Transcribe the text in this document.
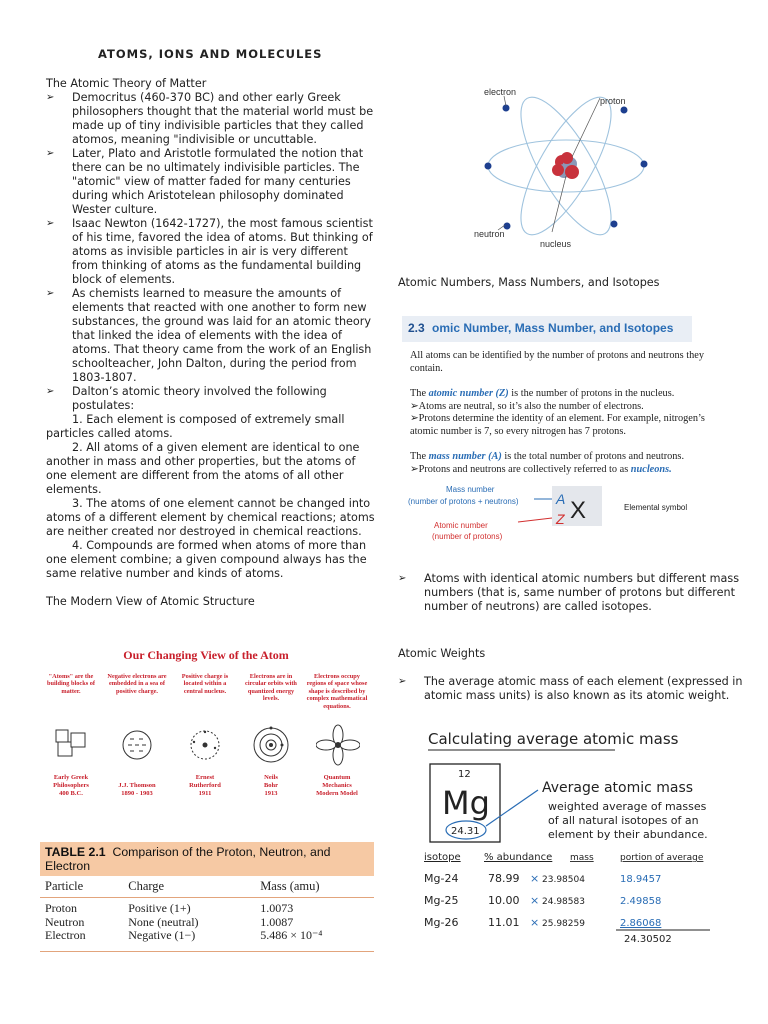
ATOMS, IONS AND MOLECULES

The Atomic Theory of Matter

➢ Democritus (460-370 BC) and other early Greek philosophers thought that the material world must be made up of tiny indivisible particles that they called atomos, meaning "indivisible or uncuttable.

➢ Later, Plato and Aristotle formulated the notion that there can be no ultimately indivisible particles. The "atomic" view of matter faded for many centuries during which Aristotelean philosophy dominated Wester culture.

➢ Isaac Newton (1642-1727), the most famous scientist of his time, favored the idea of atoms. But thinking of atoms as invisible particles in air is very different from thinking of atoms as the fundamental building block of elements.

➢ As chemists learned to measure the amounts of elements that reacted with one another to form new substances, the ground was laid for an atomic theory that linked the idea of elements with the idea of atoms. That theory came from the work of an English schoolteacher, John Dalton, during the period from 1803-1807.

➢ Dalton’s atomic theory involved the following postulates:

1. Each element is composed of extremely small particles called atoms.

2. All atoms of a given element are identical to one another in mass and other properties, but the atoms of one element are different from the atoms of all other elements.

3. The atoms of one element cannot be changed into atoms of a different element by chemical reactions; atoms are neither created nor destroyed in chemical reactions.

4. Compounds are formed when atoms of more than one element combine; a given compound always has the same relative number and kinds of atoms.

The Modern View of Atomic Structure

Our Changing View of the Atom
"Atoms" are the building blocks of matter.
Negative electrons are embedded in a sea of positive charge.
Positive charge is located within a central nucleus.
Electrons are in circular orbits with quantized energy levels.
Electrons occupy regions of space whose shape is described by complex mathematical equations.
Early Greek
Philosophers
400 B.C.

J.J. Thomson
1890 - 1903
Ernest
Rutherford
1911
Neils
Bohr
1913
Quantum
Mechanics
Modern Model
TABLE 2.1 Comparison of the Proton, Neutron, and Electron
Particle	Charge	Mass (amu)

Proton	Positive (1+)	1.0073
Neutron	None (neutral)	1.0087
Electron	Negative (1−)	5.486 × 10⁻⁴

electron
proton
neutron
nucleus
Atomic Numbers, Mass Numbers, and Isotopes
2.3 omic Number, Mass Number, and Isotopes
All atoms can be identified by the number of protons and neutrons they contain.
The atomic number (Z) is the number of protons in the nucleus.
➢Atoms are neutral, so it’s also the number of electrons.
➢Protons determine the identity of an element. For example, nitrogen’s atomic number is 7, so every nitrogen has 7 protons.
The mass number (A) is the total number of protons and neutrons.
➢Protons and neutrons are collectively referred to as nucleons.
Mass number
(number of protons + neutrons)
Atomic number
(number of protons)
A
Z X	Elemental symbol
➢ Atoms with identical atomic numbers but different mass numbers (that is, same number of protons but different number of neutrons) are called isotopes.
Atomic Weights
➢ The average atomic mass of each element (expressed in atomic mass units) is also known as its atomic weight.
Calculating average atomic mass
12
Mg
24.31
Average atomic mass
weighted average of masses
of all natural isotopes of an
element by their abundance.
isotope % abundance mass	portion of average
Mg-24	78.99 × 23.98504	18.9457
Mg-25	10.00 × 24.98583	2.49858
Mg-26	11.01 × 25.98259	2.86068
24.30502
